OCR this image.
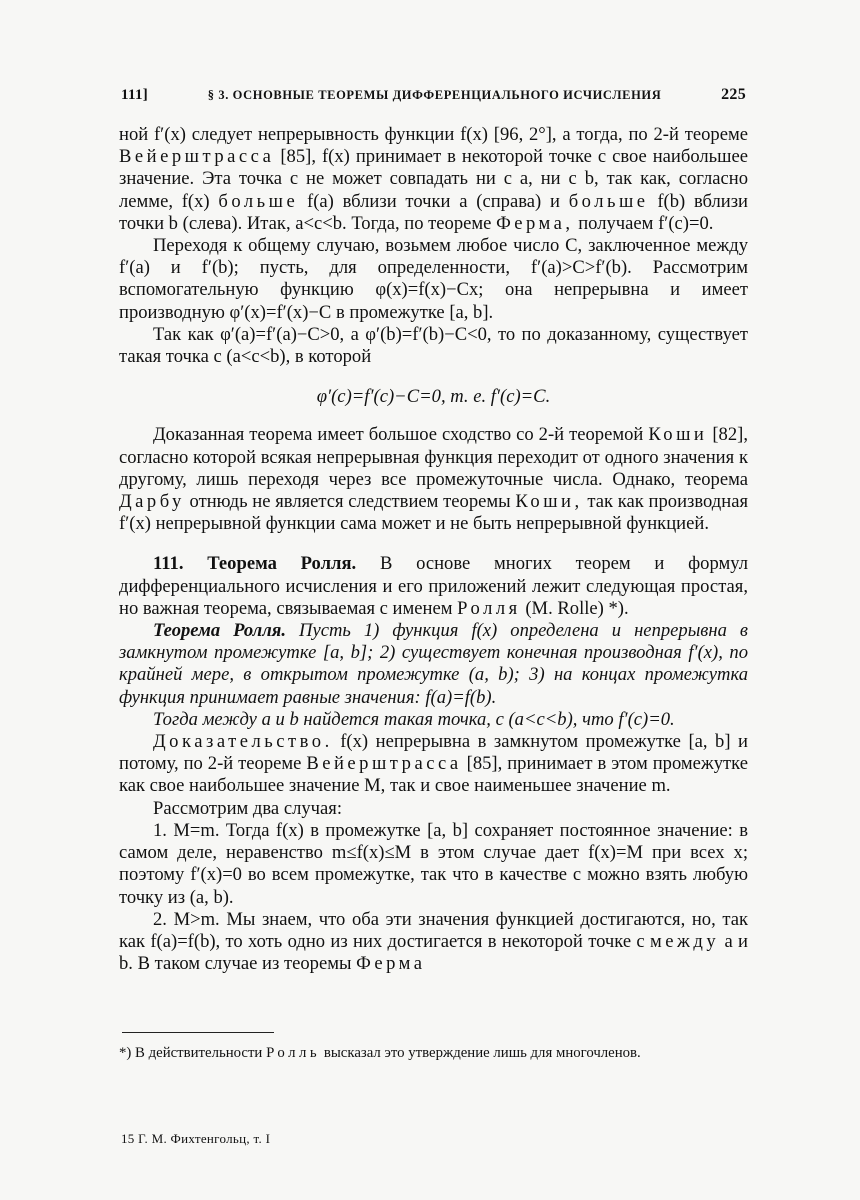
111]	§ 3. ОСНОВНЫЕ ТЕОРЕМЫ ДИФФЕРЕНЦИАЛЬНОГО ИСЧИСЛЕНИЯ	225

ной f′(x) следует непрерывность функции f(x) [96, 2°], а тогда, по 2-й теореме Вейерштрасса [85], f(x) принимает в некоторой точке c свое наибольшее значение. Эта точка c не может совпадать ни с a, ни с b, так как, согласно лемме, f(x) больше f(a) вблизи точки a (справа) и больше f(b) вблизи точки b (слева). Итак, a<c<b. Тогда, по теореме Ферма, получаем f′(c)=0.

Переходя к общему случаю, возьмем любое число C, заключенное между f′(a) и f′(b); пусть, для определенности, f′(a)>C>f′(b). Рассмотрим вспомогательную функцию φ(x)=f(x)−Cx; она непрерывна и имеет производную φ′(x)=f′(x)−C в промежутке [a, b].

Так как φ′(a)=f′(a)−C>0, а φ′(b)=f′(b)−C<0, то по доказанному, существует такая точка c (a<c<b), в которой

φ′(c)=f′(c)−C=0, т. е. f′(c)=C.

Доказанная теорема имеет большое сходство со 2-й теоремой Коши [82], согласно которой всякая непрерывная функция переходит от одного значения к другому, лишь переходя через все промежуточные числа. Однако, теорема Дарбу отнюдь не является следствием теоремы Коши, так как производная f′(x) непрерывной функции сама может и не быть непрерывной функцией.

111. Теорема Ролля. В основе многих теорем и формул дифференциального исчисления и его приложений лежит следующая простая, но важная теорема, связываемая с именем Ролля (M. Rolle) *).

Теорема Ролля. Пусть 1) функция f(x) определена и непрерывна в замкнутом промежутке [a, b]; 2) существует конечная производная f′(x), по крайней мере, в открытом промежутке (a, b); 3) на концах промежутка функция принимает равные значения: f(a)=f(b).

Тогда между a и b найдется такая точка, c (a<c<b), что f′(c)=0.

Доказательство. f(x) непрерывна в замкнутом промежутке [a, b] и потому, по 2-й теореме Вейерштрасса [85], принимает в этом промежутке как свое наибольшее значение M, так и свое наименьшее значение m.

Рассмотрим два случая:

1. M=m. Тогда f(x) в промежутке [a, b] сохраняет постоянное значение: в самом деле, неравенство m≤f(x)≤M в этом случае дает f(x)=M при всех x; поэтому f′(x)=0 во всем промежутке, так что в качестве c можно взять любую точку из (a, b).

2. M>m. Мы знаем, что оба эти значения функцией достигаются, но, так как f(a)=f(b), то хоть одно из них достигается в некоторой точке c между a и b. В таком случае из теоремы Ферма

*) В действительности Ролль высказал это утверждение лишь для многочленов.
15 Г. М. Фихтенгольц, т. I
